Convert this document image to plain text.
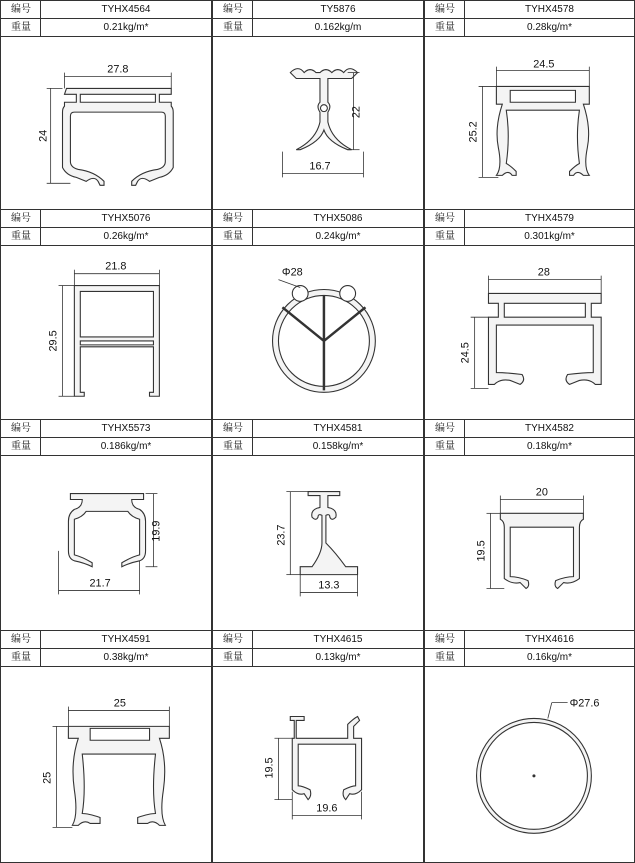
编号	TYHX4564
重量	0.21kg/m*
27.8
24
编号	TY5876
重量	0.162kg/m
22
16.7
编号	TYHX4578
重量	0.28kg/m*
24.5
25.2
编号	TYHX5076
重量	0.26kg/m*
21.8
29.5
编号	TYHX5086
重量	0.24kg/m*
Φ28
编号	TYHX4579
重量	0.301kg/m*
28
24.5
编号	TYHX5573
重量	0.186kg/m*
19.9
21.7
编号	TYHX4581
重量	0.158kg/m*
23.7
13.3
编号	TYHX4582
重量	0.18kg/m*
20
19.5
编号	TYHX4591
重量	0.38kg/m*
25
25
编号	TYHX4615
重量	0.13kg/m*
19.5
19.6
编号	TYHX4616
重量	0.16kg/m*
Φ27.6
